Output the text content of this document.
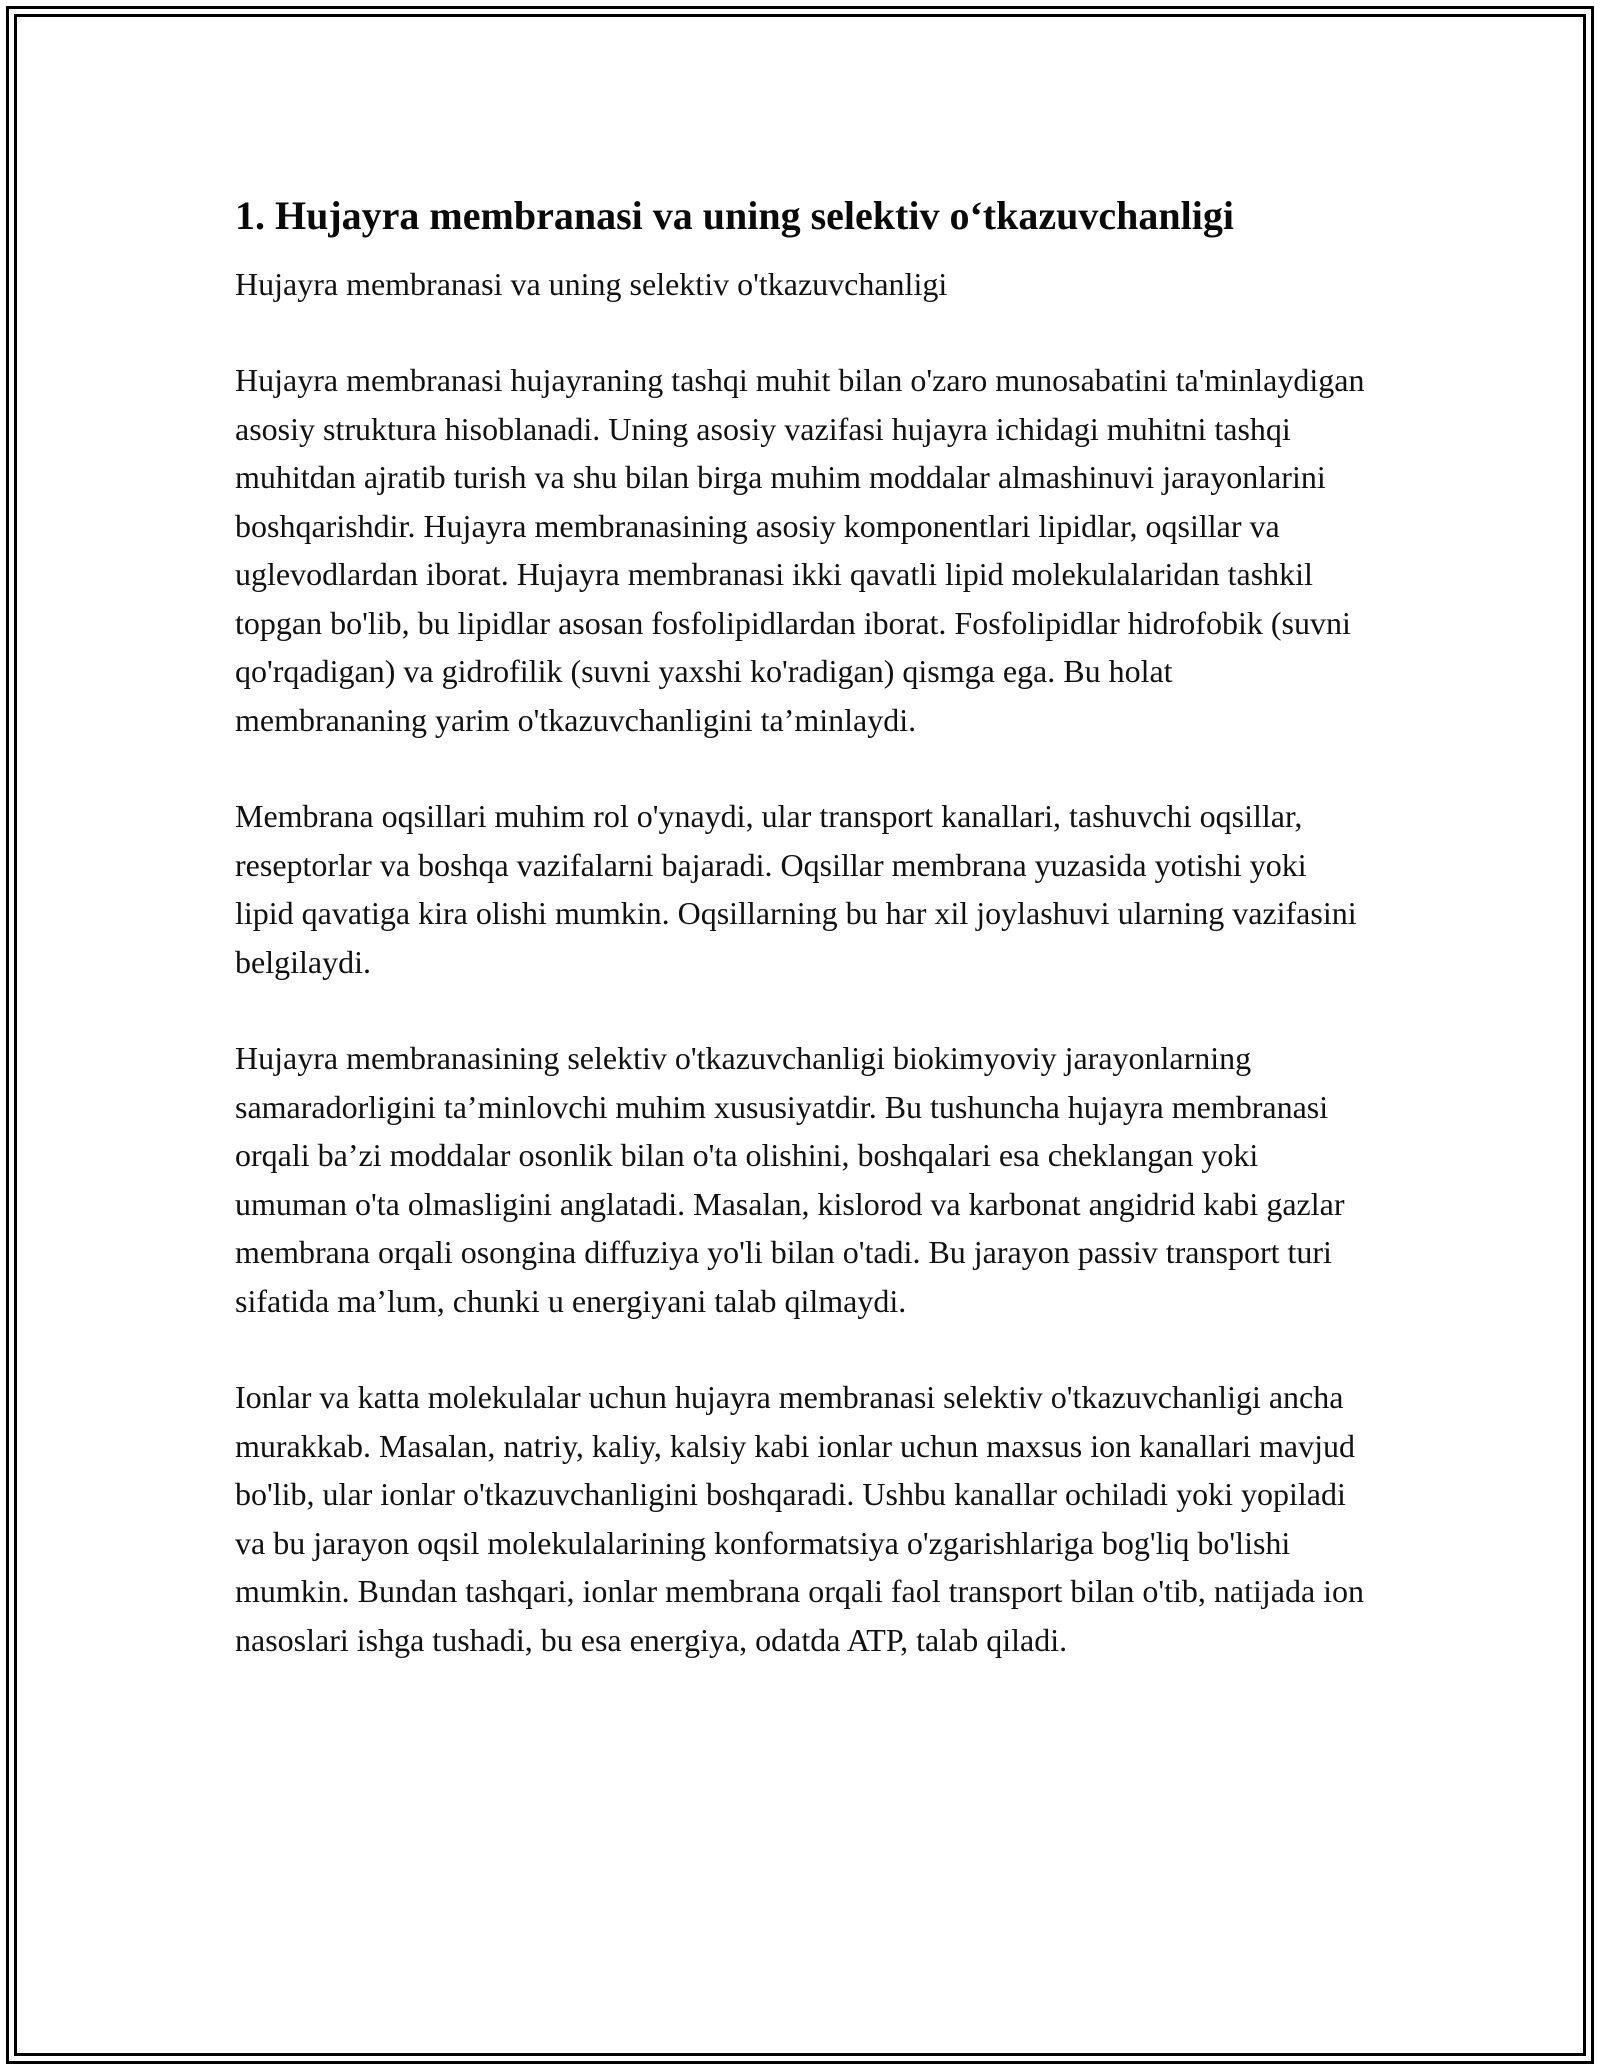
1. Hujayra membranasi va uning selektiv o‘tkazuvchanligi

Hujayra membranasi va uning selektiv o'tkazuvchanligi

Hujayra membranasi hujayraning tashqi muhit bilan o'zaro munosabatini ta'minlaydigan asosiy struktura hisoblanadi. Uning asosiy vazifasi hujayra ichidagi muhitni tashqi muhitdan ajratib turish va shu bilan birga muhim moddalar almashinuvi jarayonlarini boshqarishdir. Hujayra membranasining asosiy komponentlari lipidlar, oqsillar va uglevodlardan iborat. Hujayra membranasi ikki qavatli lipid molekulalaridan tashkil topgan bo'lib, bu lipidlar asosan fosfolipidlardan iborat. Fosfolipidlar hidrofobik (suvni qo'rqadigan) va gidrofilik (suvni yaxshi ko'radigan) qismga ega. Bu holat membrananing yarim o'tkazuvchanligini ta’minlaydi.

Membrana oqsillari muhim rol o'ynaydi, ular transport kanallari, tashuvchi oqsillar, reseptorlar va boshqa vazifalarni bajaradi. Oqsillar membrana yuzasida yotishi yoki lipid qavatiga kira olishi mumkin. Oqsillarning bu har xil joylashuvi ularning vazifasini belgilaydi.

Hujayra membranasining selektiv o'tkazuvchanligi biokimyoviy jarayonlarning samaradorligini ta’minlovchi muhim xususiyatdir. Bu tushuncha hujayra membranasi orqali ba’zi moddalar osonlik bilan o'ta olishini, boshqalari esa cheklangan yoki umuman o'ta olmasligini anglatadi. Masalan, kislorod va karbonat angidrid kabi gazlar membrana orqali osongina diffuziya yo'li bilan o'tadi. Bu jarayon passiv transport turi sifatida ma’lum, chunki u energiyani talab qilmaydi.

Ionlar va katta molekulalar uchun hujayra membranasi selektiv o'tkazuvchanligi ancha murakkab. Masalan, natriy, kaliy, kalsiy kabi ionlar uchun maxsus ion kanallari mavjud bo'lib, ular ionlar o'tkazuvchanligini boshqaradi. Ushbu kanallar ochiladi yoki yopiladi va bu jarayon oqsil molekulalarining konformatsiya o'zgarishlariga bog'liq bo'lishi mumkin. Bundan tashqari, ionlar membrana orqali faol transport bilan o'tib, natijada ion nasoslari ishga tushadi, bu esa energiya, odatda ATP, talab qiladi.
